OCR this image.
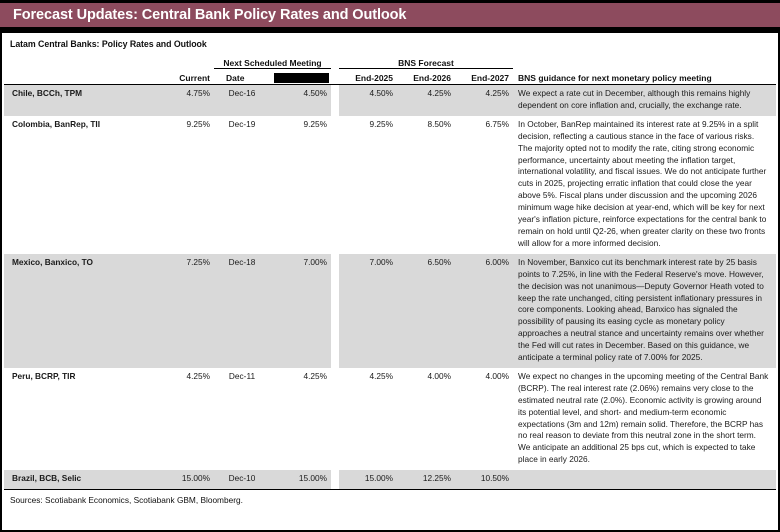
Forecast Updates: Central Bank Policy Rates and Outlook
Latam Central Banks: Policy Rates and Outlook
		Next Scheduled Meeting			BNS Forecast			
	Current	Date			End-2025	End-2026	End-2027	BNS guidance for next monetary policy meeting

Chile, BCCh, TPM	4.75%	Dec-16	4.50%		4.50%	4.25%	4.25%	We expect a rate cut in December, although this remains highly dependent on core inflation and, crucially, the exchange rate.
Colombia, BanRep, TII	9.25%	Dec-19	9.25%		9.25%	8.50%	6.75%	In October, BanRep maintained its interest rate at 9.25% in a split decision, reflecting a cautious stance in the face of various risks. The majority opted not to modify the rate, citing strong economic performance, uncertainty about meeting the inflation target, international volatility, and fiscal issues. We do not anticipate further cuts in 2025, projecting erratic inflation that could close the year above 5%. Fiscal plans under discussion and the upcoming 2026 minimum wage hike decision at year-end, which will be key for next year's inflation picture, reinforce expectations for the central bank to remain on hold until Q2-26, when greater clarity on these two fronts will allow for a more informed decision.
Mexico, Banxico, TO	7.25%	Dec-18	7.00%		7.00%	6.50%	6.00%	In November, Banxico cut its benchmark interest rate by 25 basis points to 7.25%, in line with the Federal Reserve's move. However, the decision was not unanimous—Deputy Governor Heath voted to keep the rate unchanged, citing persistent inflationary pressures in core components. Looking ahead, Banxico has signaled the possibility of pausing its easing cycle as monetary policy approaches a neutral stance and uncertainty remains over whether the Fed will cut rates in December. Based on this guidance, we anticipate a terminal policy rate of 7.00% for 2025.
Peru, BCRP, TIR	4.25%	Dec-11	4.25%		4.25%	4.00%	4.00%	We expect no changes in the upcoming meeting of the Central Bank (BCRP). The real interest rate (2.06%) remains very close to the estimated neutral rate (2.0%). Economic activity is growing around its potential level, and short- and medium-term economic expectations (3m and 12m) remain solid. Therefore, the BCRP has no real reason to deviate from this neutral zone in the short term. We anticipate an additional 25 bps cut, which is expected to take place in early 2026.
Brazil, BCB, Selic	15.00%	Dec-10	15.00%		15.00%	12.25%	10.50%	
Sources: Scotiabank Economics, Scotiabank GBM, Bloomberg.
